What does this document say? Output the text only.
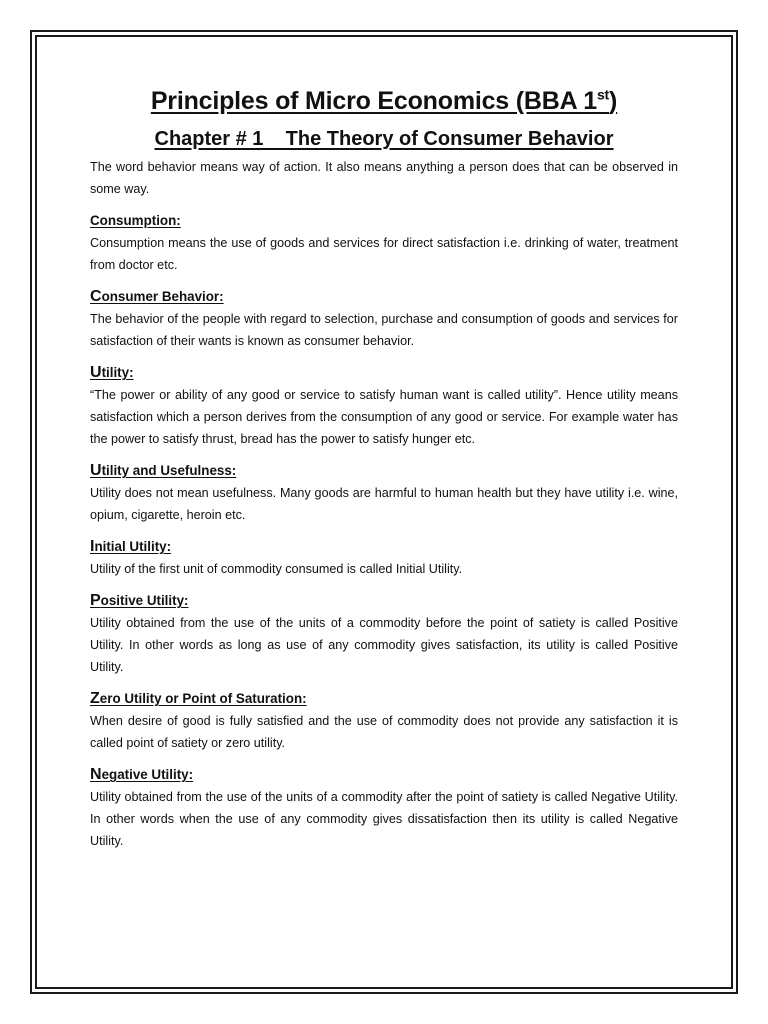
Principles of Micro Economics (BBA 1st)
Chapter # 1    The Theory of Consumer Behavior

The word behavior means way of action. It also means anything a person does that can be observed in some way.

Consumption:

Consumption means the use of goods and services for direct satisfaction i.e. drinking of water, treatment from doctor etc.

Consumer Behavior:

The behavior of the people with regard to selection, purchase and consumption of goods and services for satisfaction of their wants is known as consumer behavior.

Utility:

“The power or ability of any good or service to satisfy human want is called utility”. Hence utility means satisfaction which a person derives from the consumption of any good or service. For example water has the power to satisfy thrust, bread has the power to satisfy hunger etc.

Utility and Usefulness:

Utility does not mean usefulness. Many goods are harmful to human health but they have utility i.e. wine, opium, cigarette, heroin etc.

Initial Utility:

Utility of the first unit of commodity consumed is called Initial Utility.

Positive Utility:

Utility obtained from the use of the units of a commodity before the point of satiety is called Positive Utility. In other words as long as use of any commodity gives satisfaction, its utility is called Positive Utility.

Zero Utility or Point of Saturation:

When desire of good is fully satisfied and the use of commodity does not provide any satisfaction it is called point of satiety or zero utility.

Negative Utility:

Utility obtained from the use of the units of a commodity after the point of satiety is called Negative Utility. In other words when the use of any commodity gives dissatisfaction then its utility is called Negative Utility.
